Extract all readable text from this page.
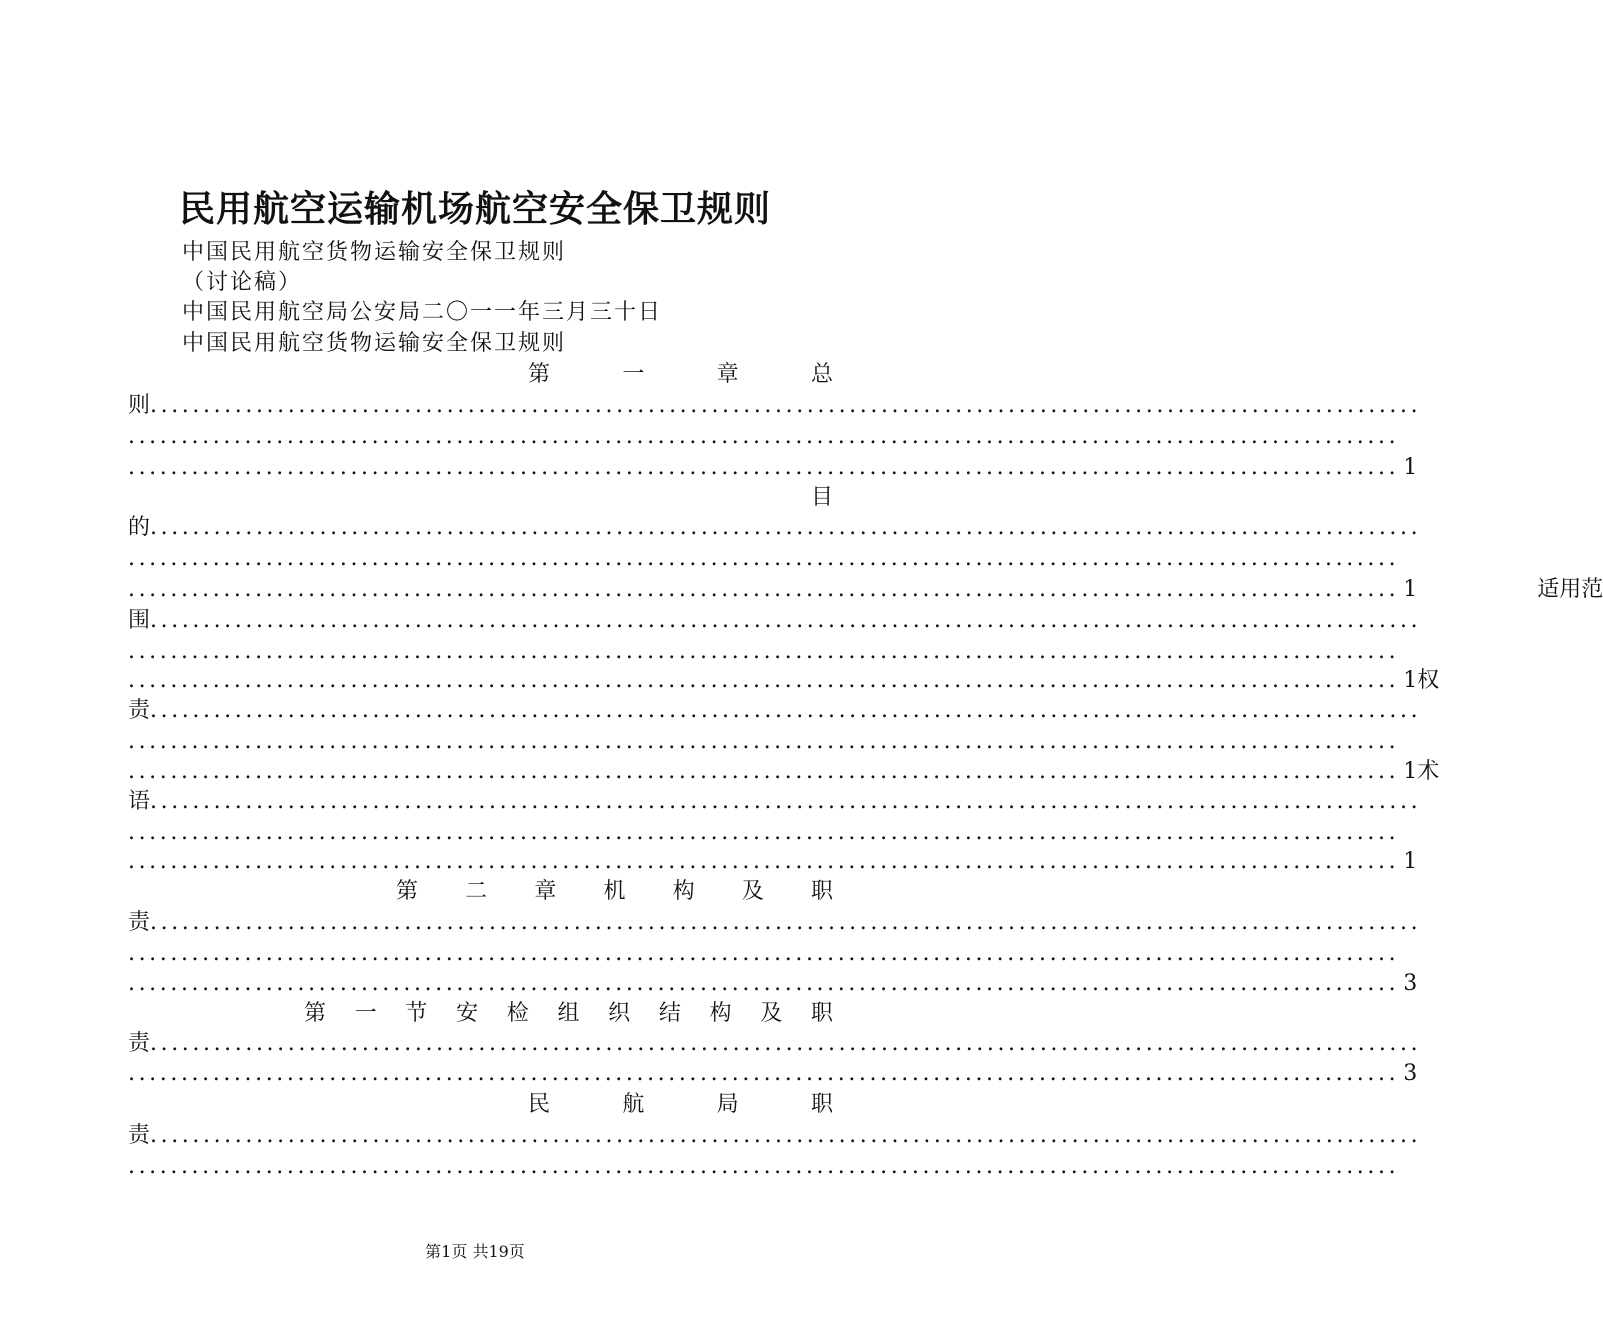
民用航空运输机场航空安全保卫规则
中国民用航空货物运输安全保卫规则
（讨论稿）
中国民用航空局公安局二〇一一年三月三十日
中国民用航空货物运输安全保卫规则
第	一	章	总
则 ........................................................................................................................
........................................................................................................................
........................................................................................................................ 1
目
的 ........................................................................................................................
........................................................................................................................
........................................................................................................................ 1	适 用 范
围 ........................................................................................................................
........................................................................................................................
........................................................................................................................ 1 权
责 ........................................................................................................................
........................................................................................................................
........................................................................................................................ 1 术
语 ........................................................................................................................
........................................................................................................................
........................................................................................................................ 1
第 二 章 机 构 及 职
责 ........................................................................................................................
........................................................................................................................
........................................................................................................................ 3
第 一 节 安 检 组 织 结 构 及 职
责 ........................................................................................................................
........................................................................................................................ 3
民	航	局	职
责 ........................................................................................................................
........................................................................................................................
第1页 共19页
